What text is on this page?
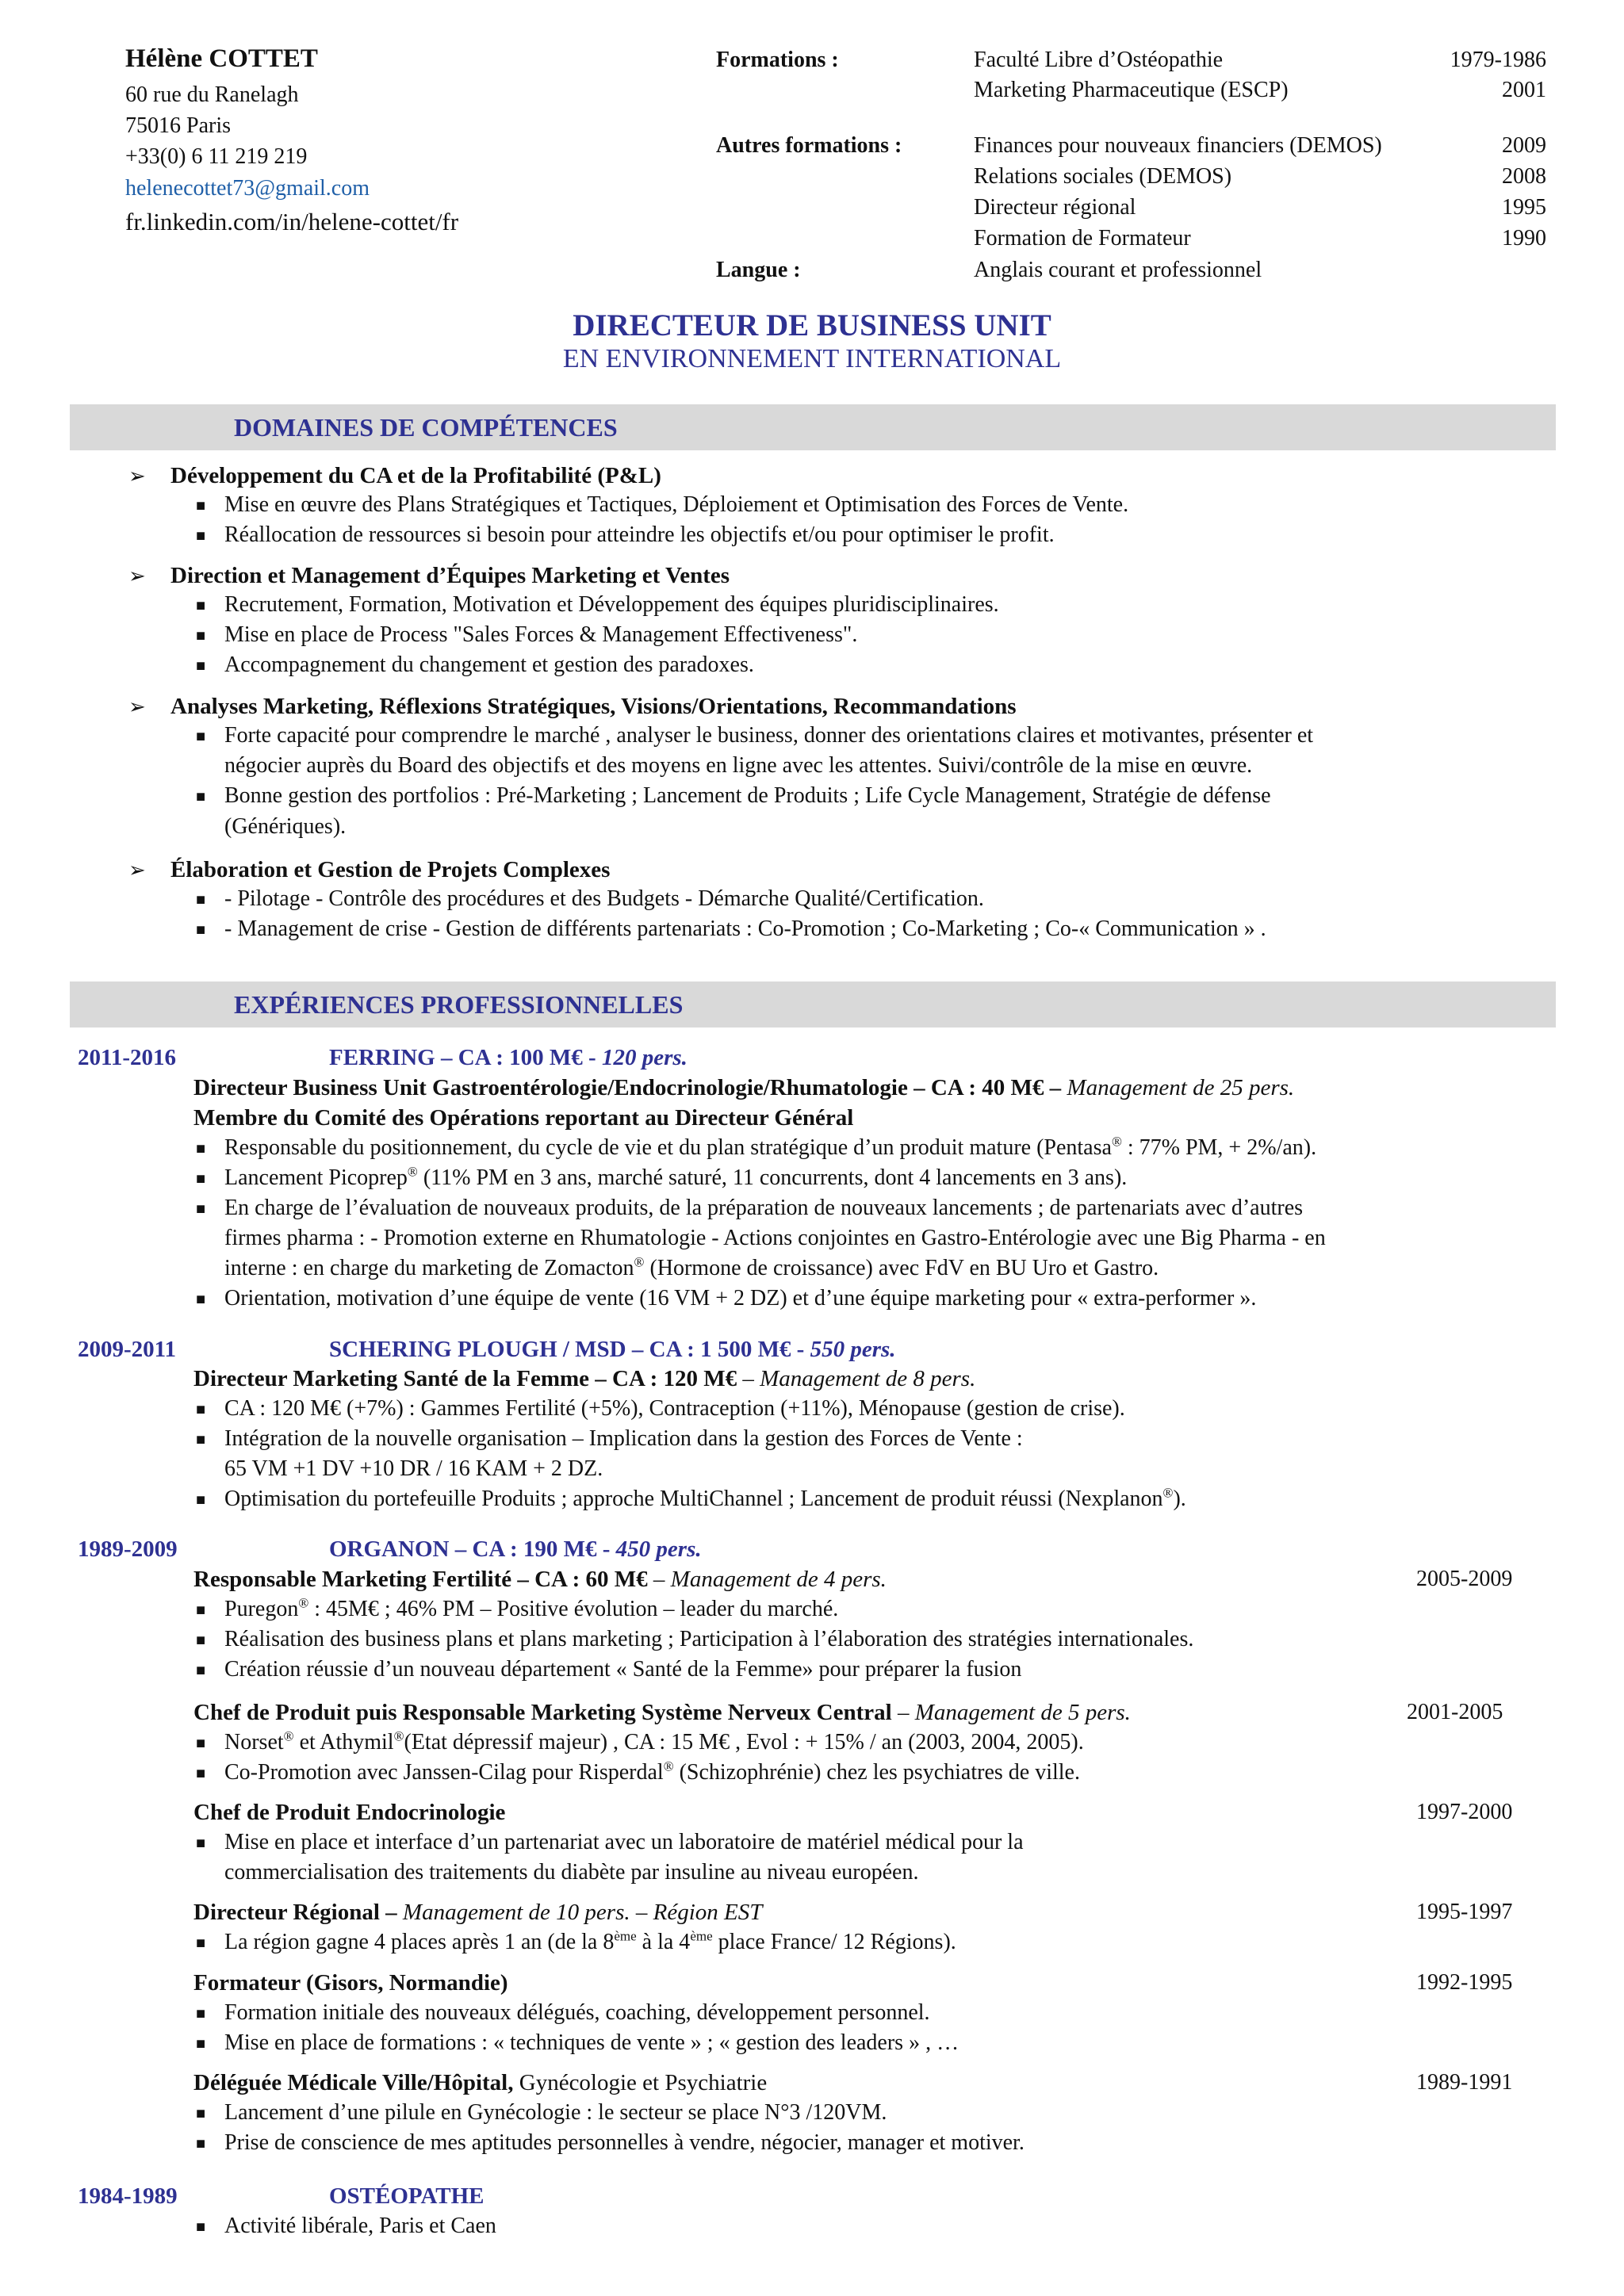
Hélène COTTET
60 rue du Ranelagh
75016 Paris
+33(0) 6 11 219 219
helenecottet73@gmail.com
fr.linkedin.com/in/helene-cottet/fr
Formations :	Faculté Libre d’Ostéopathie	1979-1986
Marketing Pharmaceutique (ESCP)	2001
Autres formations :	Finances pour nouveaux financiers (DEMOS)	2009
Relations sociales (DEMOS)	2008
Directeur régional	1995
Formation de Formateur	1990
Langue :	Anglais courant et professionnel
DIRECTEUR DE BUSINESS UNIT
EN ENVIRONNEMENT INTERNATIONAL
DOMAINES DE COMPÉTENCES
➢ Développement du CA et de la Profitabilité (P&L)
■ Mise en œuvre des Plans Stratégiques et Tactiques, Déploiement et Optimisation des Forces de Vente.
■ Réallocation de ressources si besoin pour atteindre les objectifs et/ou pour optimiser le profit.
➢ Direction et Management d’Équipes Marketing et Ventes
■ Recrutement, Formation, Motivation et Développement des équipes pluridisciplinaires.
■ Mise en place de Process "Sales Forces & Management Effectiveness".
■ Accompagnement du changement et gestion des paradoxes.
➢ Analyses Marketing, Réflexions Stratégiques, Visions/Orientations, Recommandations
■ Forte capacité pour comprendre le marché , analyser le business, donner des orientations claires et motivantes, présenter et
négocier auprès du Board des objectifs et des moyens en ligne avec les attentes. Suivi/contrôle de la mise en œuvre.
■ Bonne gestion des portfolios : Pré-Marketing ; Lancement de Produits ; Life Cycle Management, Stratégie de défense
(Génériques).
➢ Élaboration et Gestion de Projets Complexes
■ - Pilotage - Contrôle des procédures et des Budgets - Démarche Qualité/Certification.
■ - Management de crise - Gestion de différents partenariats : Co-Promotion ; Co-Marketing ; Co-« Communication » .
EXPÉRIENCES PROFESSIONNELLES
2011-2016	FERRING – CA : 100 M€ - 120 pers.
Directeur Business Unit Gastroentérologie/Endocrinologie/Rhumatologie – CA : 40 M€ – Management de 25 pers.
Membre du Comité des Opérations reportant au Directeur Général
■ Responsable du positionnement, du cycle de vie et du plan stratégique d’un produit mature (Pentasa® : 77% PM, + 2%/an).
■ Lancement Picoprep® (11% PM en 3 ans, marché saturé, 11 concurrents, dont 4 lancements en 3 ans).
■ En charge de l’évaluation de nouveaux produits, de la préparation de nouveaux lancements ; de partenariats avec d’autres
firmes pharma : - Promotion externe en Rhumatologie - Actions conjointes en Gastro-Entérologie avec une Big Pharma - en
interne : en charge du marketing de Zomacton® (Hormone de croissance) avec FdV en BU Uro et Gastro.
■ Orientation, motivation d’une équipe de vente (16 VM + 2 DZ) et d’une équipe marketing pour « extra-performer ».
2009-2011	SCHERING PLOUGH / MSD – CA : 1 500 M€ - 550 pers.
Directeur Marketing Santé de la Femme – CA : 120 M€ – Management de 8 pers.
■ CA : 120 M€ (+7%) : Gammes Fertilité (+5%), Contraception (+11%), Ménopause (gestion de crise).
■ Intégration de la nouvelle organisation – Implication dans la gestion des Forces de Vente :
65 VM +1 DV +10 DR / 16 KAM + 2 DZ.
■ Optimisation du portefeuille Produits ; approche MultiChannel ; Lancement de produit réussi (Nexplanon®).
1989-2009	ORGANON – CA : 190 M€ - 450 pers.
Responsable Marketing Fertilité – CA : 60 M€ – Management de 4 pers.	2005-2009
■ Puregon® : 45M€ ; 46% PM – Positive évolution – leader du marché.
■ Réalisation des business plans et plans marketing ; Participation à l’élaboration des stratégies internationales.
■ Création réussie d’un nouveau département « Santé de la Femme» pour préparer la fusion
Chef de Produit puis Responsable Marketing Système Nerveux Central – Management de 5 pers.	2001-2005
■ Norset® et Athymil®(Etat dépressif majeur) , CA : 15 M€ , Evol : + 15% / an (2003, 2004, 2005).
■ Co-Promotion avec Janssen-Cilag pour Risperdal® (Schizophrénie) chez les psychiatres de ville.
Chef de Produit Endocrinologie	1997-2000
■ Mise en place et interface d’un partenariat avec un laboratoire de matériel médical pour la
commercialisation des traitements du diabète par insuline au niveau européen.
Directeur Régional – Management de 10 pers. – Région EST	1995-1997
■ La région gagne 4 places après 1 an (de la 8ème à la 4ème place France/ 12 Régions).
Formateur (Gisors, Normandie)	1992-1995
■ Formation initiale des nouveaux délégués, coaching, développement personnel.
■ Mise en place de formations : « techniques de vente » ; « gestion des leaders » , …
Déléguée Médicale Ville/Hôpital, Gynécologie et Psychiatrie	1989-1991
■ Lancement d’une pilule en Gynécologie : le secteur se place N°3 /120VM.
■ Prise de conscience de mes aptitudes personnelles à vendre, négocier, manager et motiver.
1984-1989	OSTÉOPATHE
■ Activité libérale, Paris et Caen
